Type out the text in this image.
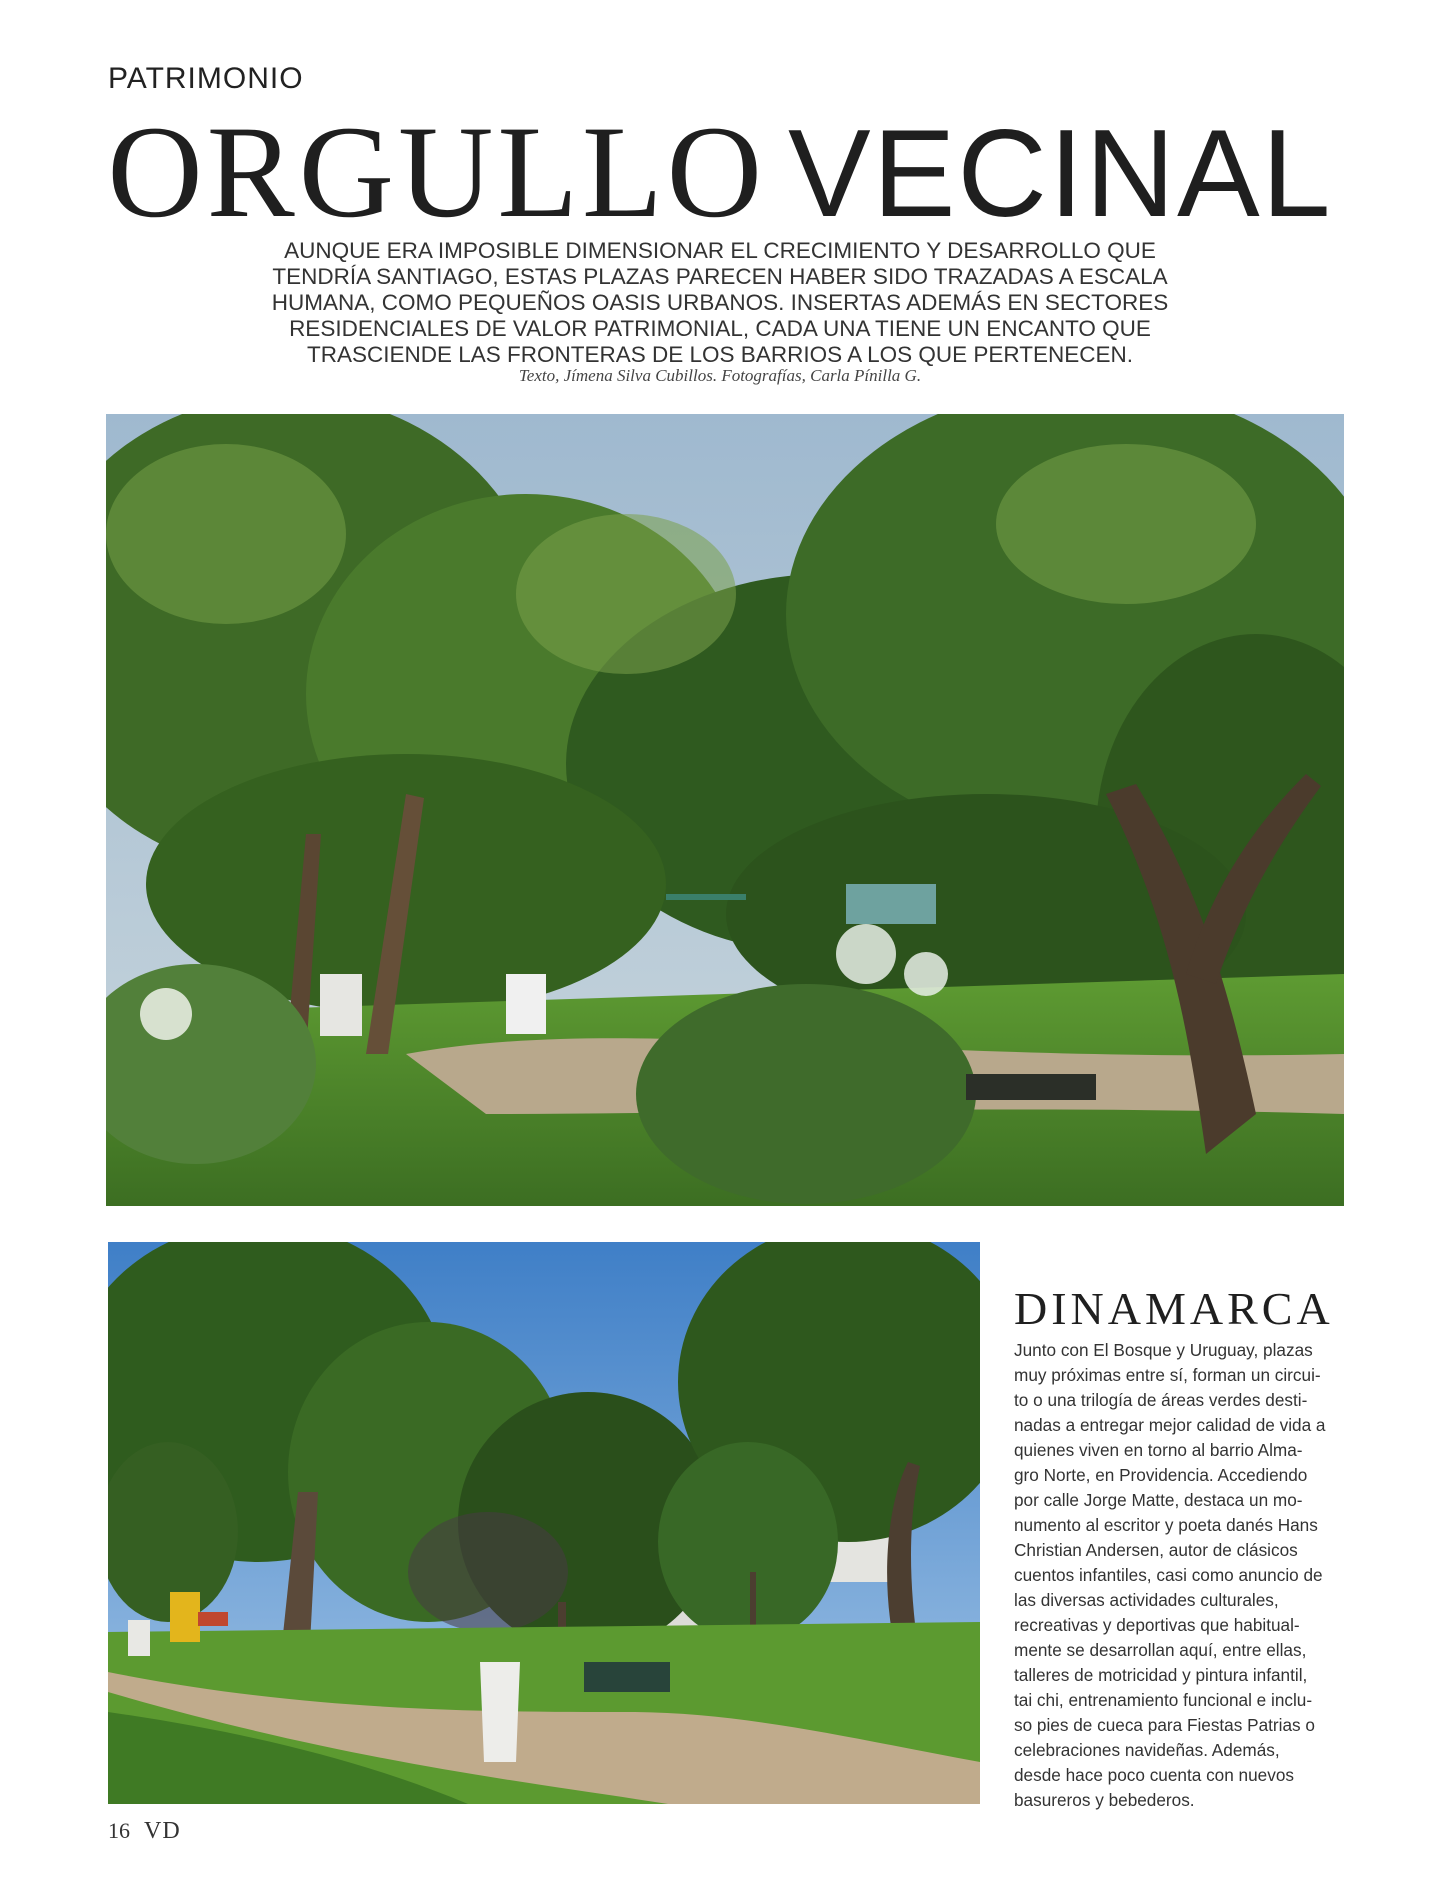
PATRIMONIO
ORGULLO VECINAL
AUNQUE ERA IMPOSIBLE DIMENSIONAR EL CRECIMIENTO Y DESARROLLO QUE
TENDRÍA SANTIAGO, ESTAS PLAZAS PARECEN HABER SIDO TRAZADAS A ESCALA
HUMANA, COMO PEQUEÑOS OASIS URBANOS. INSERTAS ADEMÁS EN SECTORES
RESIDENCIALES DE VALOR PATRIMONIAL, CADA UNA TIENE UN ENCANTO QUE
TRASCIENDE LAS FRONTERAS DE LOS BARRIOS A LOS QUE PERTENECEN.
Texto, Jímena Silva Cubillos. Fotografías, Carla Pínilla G.
DINAMARCA
Junto con El Bosque y Uruguay, plazas
muy próximas entre sí, forman un circui-
to o una trilogía de áreas verdes desti-
nadas a entregar mejor calidad de vida a
quienes viven en torno al barrio Alma-
gro Norte, en Providencia. Accediendo
por calle Jorge Matte, destaca un mo-
numento al escritor y poeta danés Hans
Christian Andersen, autor de clásicos
cuentos infantiles, casi como anuncio de
las diversas actividades culturales,
recreativas y deportivas que habitual-
mente se desarrollan aquí, entre ellas,
talleres de motricidad y pintura infantil,
tai chi, entrenamiento funcional e inclu-
so pies de cueca para Fiestas Patrias o
celebraciones navideñas. Además,
desde hace poco cuenta con nuevos
basureros y bebederos.
16 VD
